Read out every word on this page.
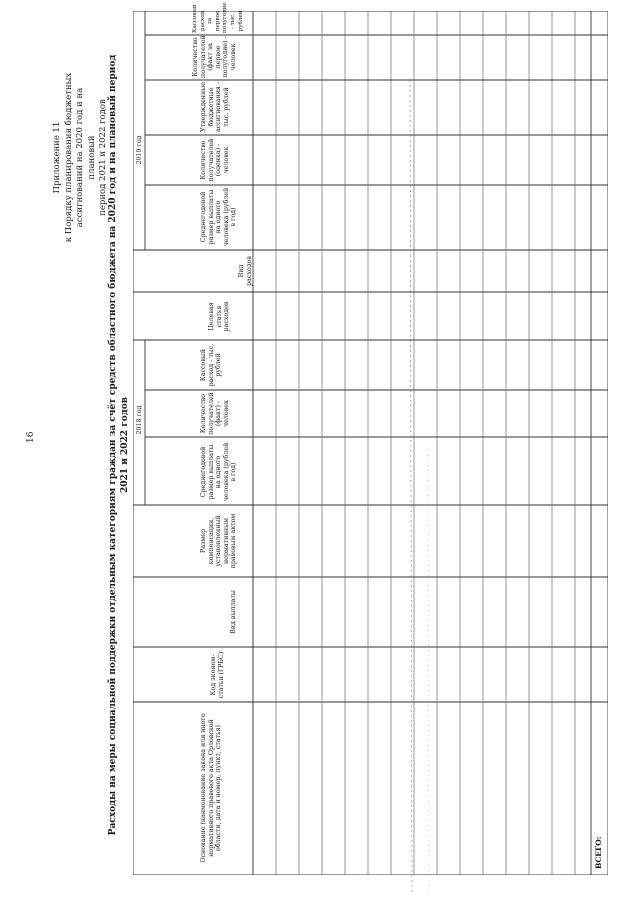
16
Приложение 11 к Порядку планирования бюджетных ассигнований на 2020 год и на плановый период 2021 и 2022 годов Расходы на меры социальной поддержки отдельным категориям граждан за счёт средств областного бюджета на 2020 год и на плановый период 2021 и 2022 годов
Основание (наименование закона или иного нормативного правового акта Орловской области, дата и номер, пункт, статья)
Код эконом-статьи (ГРБС)
Вид выплаты
Размер компенсации, установленный нормативным правовым актом
2018 год
Среднегодовой размер выплаты на одного человека (рублей в год)
Количество получателей (факт) - человек
Кассовый расход - тыс. рублей
Целевая статья расходов
Вид расходов
2019 год
Среднегодовой размер выплаты на одного человека (рублей в год)
Количество получателей (оценка) - человек
Утвержденные бюджетные ассигнования - тыс. рублей
Количество получателей (факт за первое полугодие) - человек
Кассовый расход за первое полугодие - тыс. рублей
ВСЕГО:
